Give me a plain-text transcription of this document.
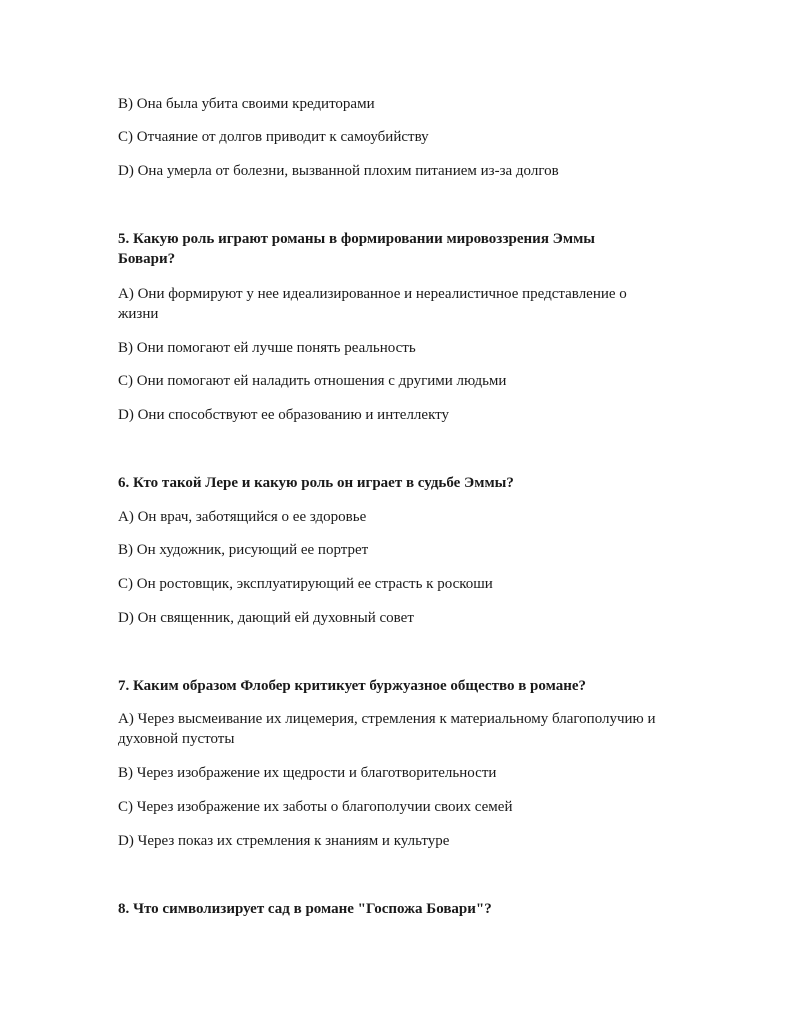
B) Она была убита своими кредиторами
C) Отчаяние от долгов приводит к самоубийству
D) Она умерла от болезни, вызванной плохим питанием из-за долгов
5. Какую роль играют романы в формировании мировоззрения Эммы
Бовари?
A) Они формируют у нее идеализированное и нереалистичное представление о
жизни
B) Они помогают ей лучше понять реальность
C) Они помогают ей наладить отношения с другими людьми
D) Они способствуют ее образованию и интеллекту
6. Кто такой Лере и какую роль он играет в судьбе Эммы?
A) Он врач, заботящийся о ее здоровье
B) Он художник, рисующий ее портрет
C) Он ростовщик, эксплуатирующий ее страсть к роскоши
D) Он священник, дающий ей духовный совет
7. Каким образом Флобер критикует буржуазное общество в романе?
A) Через высмеивание их лицемерия, стремления к материальному благополучию и
духовной пустоты
B) Через изображение их щедрости и благотворительности
C) Через изображение их заботы о благополучии своих семей
D) Через показ их стремления к знаниям и культуре
8. Что символизирует сад в романе "Госпожа Бовари"?
